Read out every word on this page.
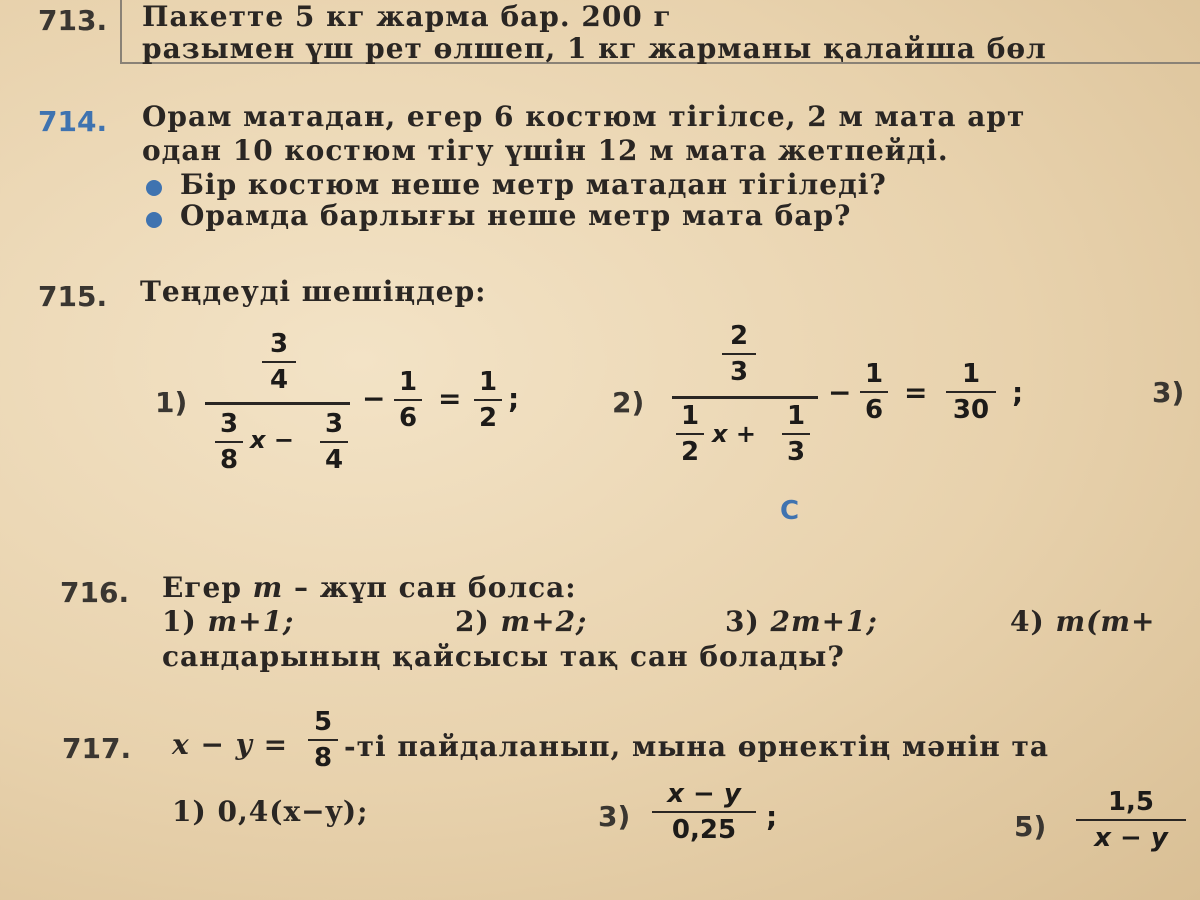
713. Пакетте 5 кг жарма бар. 200 г
разымен үш рет өлшеп, 1 кг жарманы қалайша бөл
714. Орам матадан, егер 6 костюм тігілсе, 2 м мата арт
одан 10 костюм тігу үшін 12 м мата жетпейді.
Бір костюм неше метр матадан тігіледі?
Орамда барлығы неше метр мата бар?
715. Теңдеуді шешіңдер:
1)
3
4
3
8
x −
3
4
− 1
6
= 1
2
;	2)
2
3
1
2
x +
1
3
−
1
6
=
1
30
;	3)
C
716. Егер m – жұп сан болса:
1) m+1;	2) m+2;	3) 2m+1;	4) m(m+
сандарының қайсысы тақ сан болады?
717. x − y =
5
8 -ті пайдаланып, мына өрнектің мәнін та
1) 0,4(x−y);	3)
x − y
0,25	;	5)
1,5
x − y
